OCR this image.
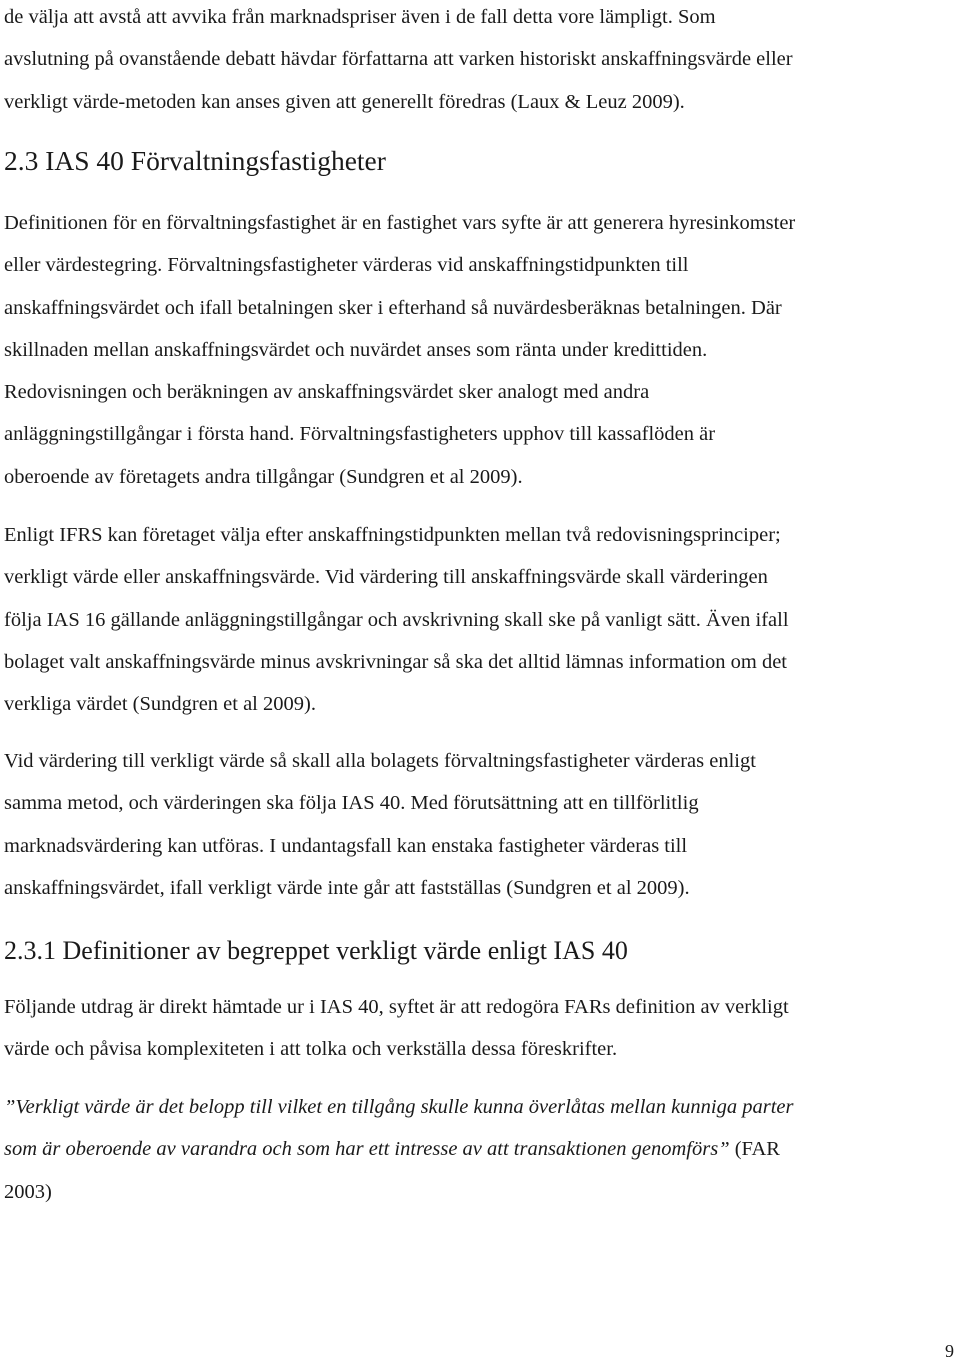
de välja att avstå att avvika från marknadspriser även i de fall detta vore lämpligt. Som
avslutning på ovanstående debatt hävdar författarna att varken historiskt anskaffningsvärde eller
verkligt värde-metoden kan anses given att generellt föredras (Laux & Leuz 2009).
2.3 IAS 40 Förvaltningsfastigheter
Definitionen för en förvaltningsfastighet är en fastighet vars syfte är att generera hyresinkomster
eller värdestegring. Förvaltningsfastigheter värderas vid anskaffningstidpunkten till
anskaffningsvärdet och ifall betalningen sker i efterhand så nuvärdesberäknas betalningen. Där
skillnaden mellan anskaffningsvärdet och nuvärdet anses som ränta under kredittiden.
Redovisningen och beräkningen av anskaffningsvärdet sker analogt med andra
anläggningstillgångar i första hand. Förvaltningsfastigheters upphov till kassaflöden är
oberoende av företagets andra tillgångar (Sundgren et al 2009).
Enligt IFRS kan företaget välja efter anskaffningstidpunkten mellan två redovisningsprinciper;
verkligt värde eller anskaffningsvärde. Vid värdering till anskaffningsvärde skall värderingen
följa IAS 16 gällande anläggningstillgångar och avskrivning skall ske på vanligt sätt. Även ifall
bolaget valt anskaffningsvärde minus avskrivningar så ska det alltid lämnas information om det
verkliga värdet (Sundgren et al 2009).
Vid värdering till verkligt värde så skall alla bolagets förvaltningsfastigheter värderas enligt
samma metod, och värderingen ska följa IAS 40. Med förutsättning att en tillförlitlig
marknadsvärdering kan utföras. I undantagsfall kan enstaka fastigheter värderas till
anskaffningsvärdet, ifall verkligt värde inte går att fastställas (Sundgren et al 2009).
2.3.1 Definitioner av begreppet verkligt värde enligt IAS 40
Följande utdrag är direkt hämtade ur i IAS 40, syftet är att redogöra FARs definition av verkligt
värde och påvisa komplexiteten i att tolka och verkställa dessa föreskrifter.
”Verkligt värde är det belopp till vilket en tillgång skulle kunna överlåtas mellan kunniga parter
som är oberoende av varandra och som har ett intresse av att transaktionen genomförs” (FAR
2003)
9
